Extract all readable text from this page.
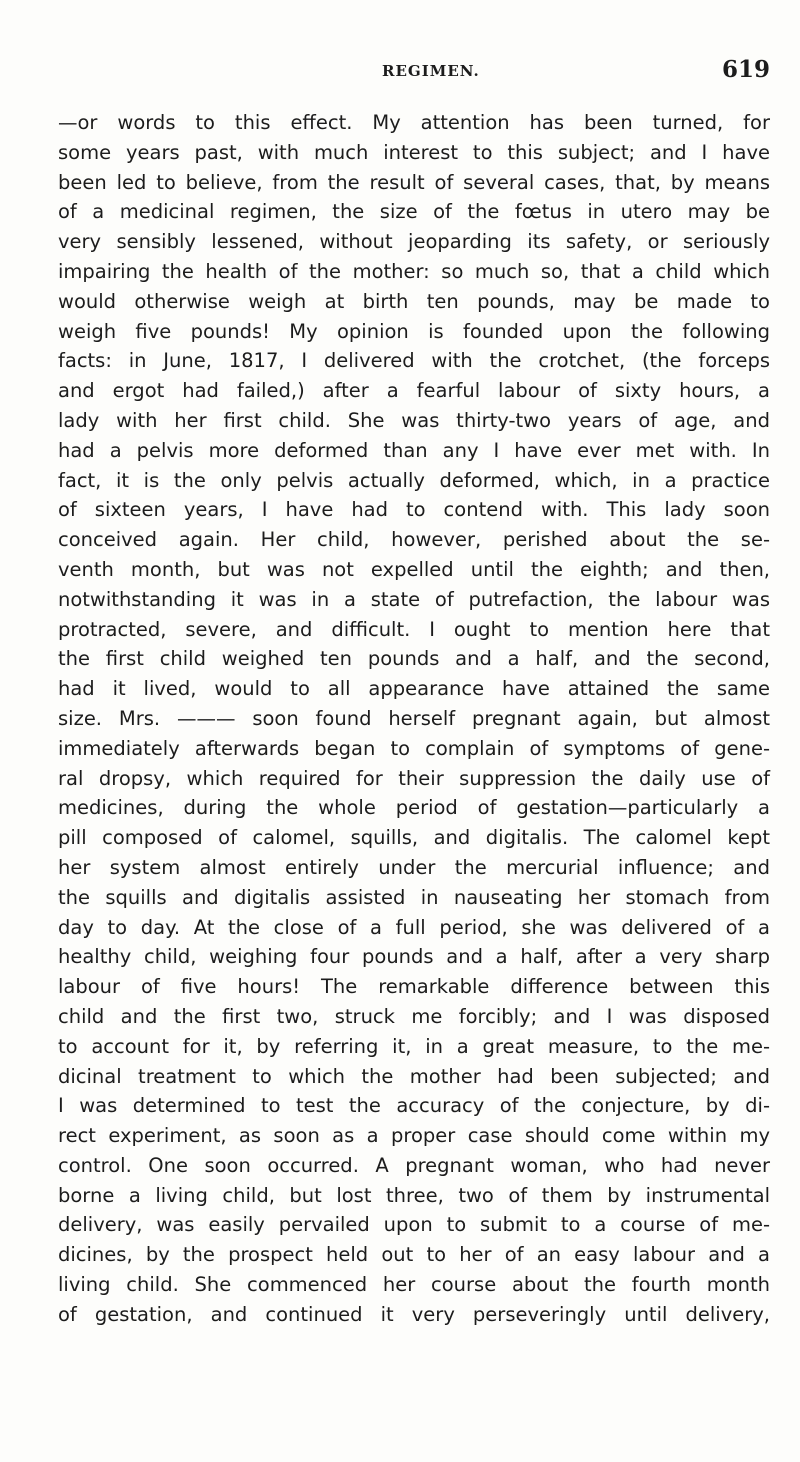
REGIMEN.	619
—or words to this effect. My attention has been turned, for
some years past, with much interest to this subject; and I have
been led to believe, from the result of several cases, that, by means
of a medicinal regimen, the size of the fœtus in utero may be
very sensibly lessened, without jeoparding its safety, or seriously
impairing the health of the mother: so much so, that a child which
would otherwise weigh at birth ten pounds, may be made to
weigh five pounds! My opinion is founded upon the following
facts: in June, 1817, I delivered with the crotchet, (the forceps
and ergot had failed,) after a fearful labour of sixty hours, a
lady with her first child. She was thirty-two years of age, and
had a pelvis more deformed than any I have ever met with. In
fact, it is the only pelvis actually deformed, which, in a practice
of sixteen years, I have had to contend with. This lady soon
conceived again. Her child, however, perished about the se-
venth month, but was not expelled until the eighth; and then,
notwithstanding it was in a state of putrefaction, the labour was
protracted, severe, and difficult. I ought to mention here that
the first child weighed ten pounds and a half, and the second,
had it lived, would to all appearance have attained the same
size. Mrs. ——— soon found herself pregnant again, but almost
immediately afterwards began to complain of symptoms of gene-
ral dropsy, which required for their suppression the daily use of
medicines, during the whole period of gestation—particularly a
pill composed of calomel, squills, and digitalis. The calomel kept
her system almost entirely under the mercurial influence; and
the squills and digitalis assisted in nauseating her stomach from
day to day. At the close of a full period, she was delivered of a
healthy child, weighing four pounds and a half, after a very sharp
labour of five hours! The remarkable difference between this
child and the first two, struck me forcibly; and I was disposed
to account for it, by referring it, in a great measure, to the me-
dicinal treatment to which the mother had been subjected; and
I was determined to test the accuracy of the conjecture, by di-
rect experiment, as soon as a proper case should come within my
control. One soon occurred. A pregnant woman, who had never
borne a living child, but lost three, two of them by instrumental
delivery, was easily pervailed upon to submit to a course of me-
dicines, by the prospect held out to her of an easy labour and a
living child. She commenced her course about the fourth month
of gestation, and continued it very perseveringly until delivery,
